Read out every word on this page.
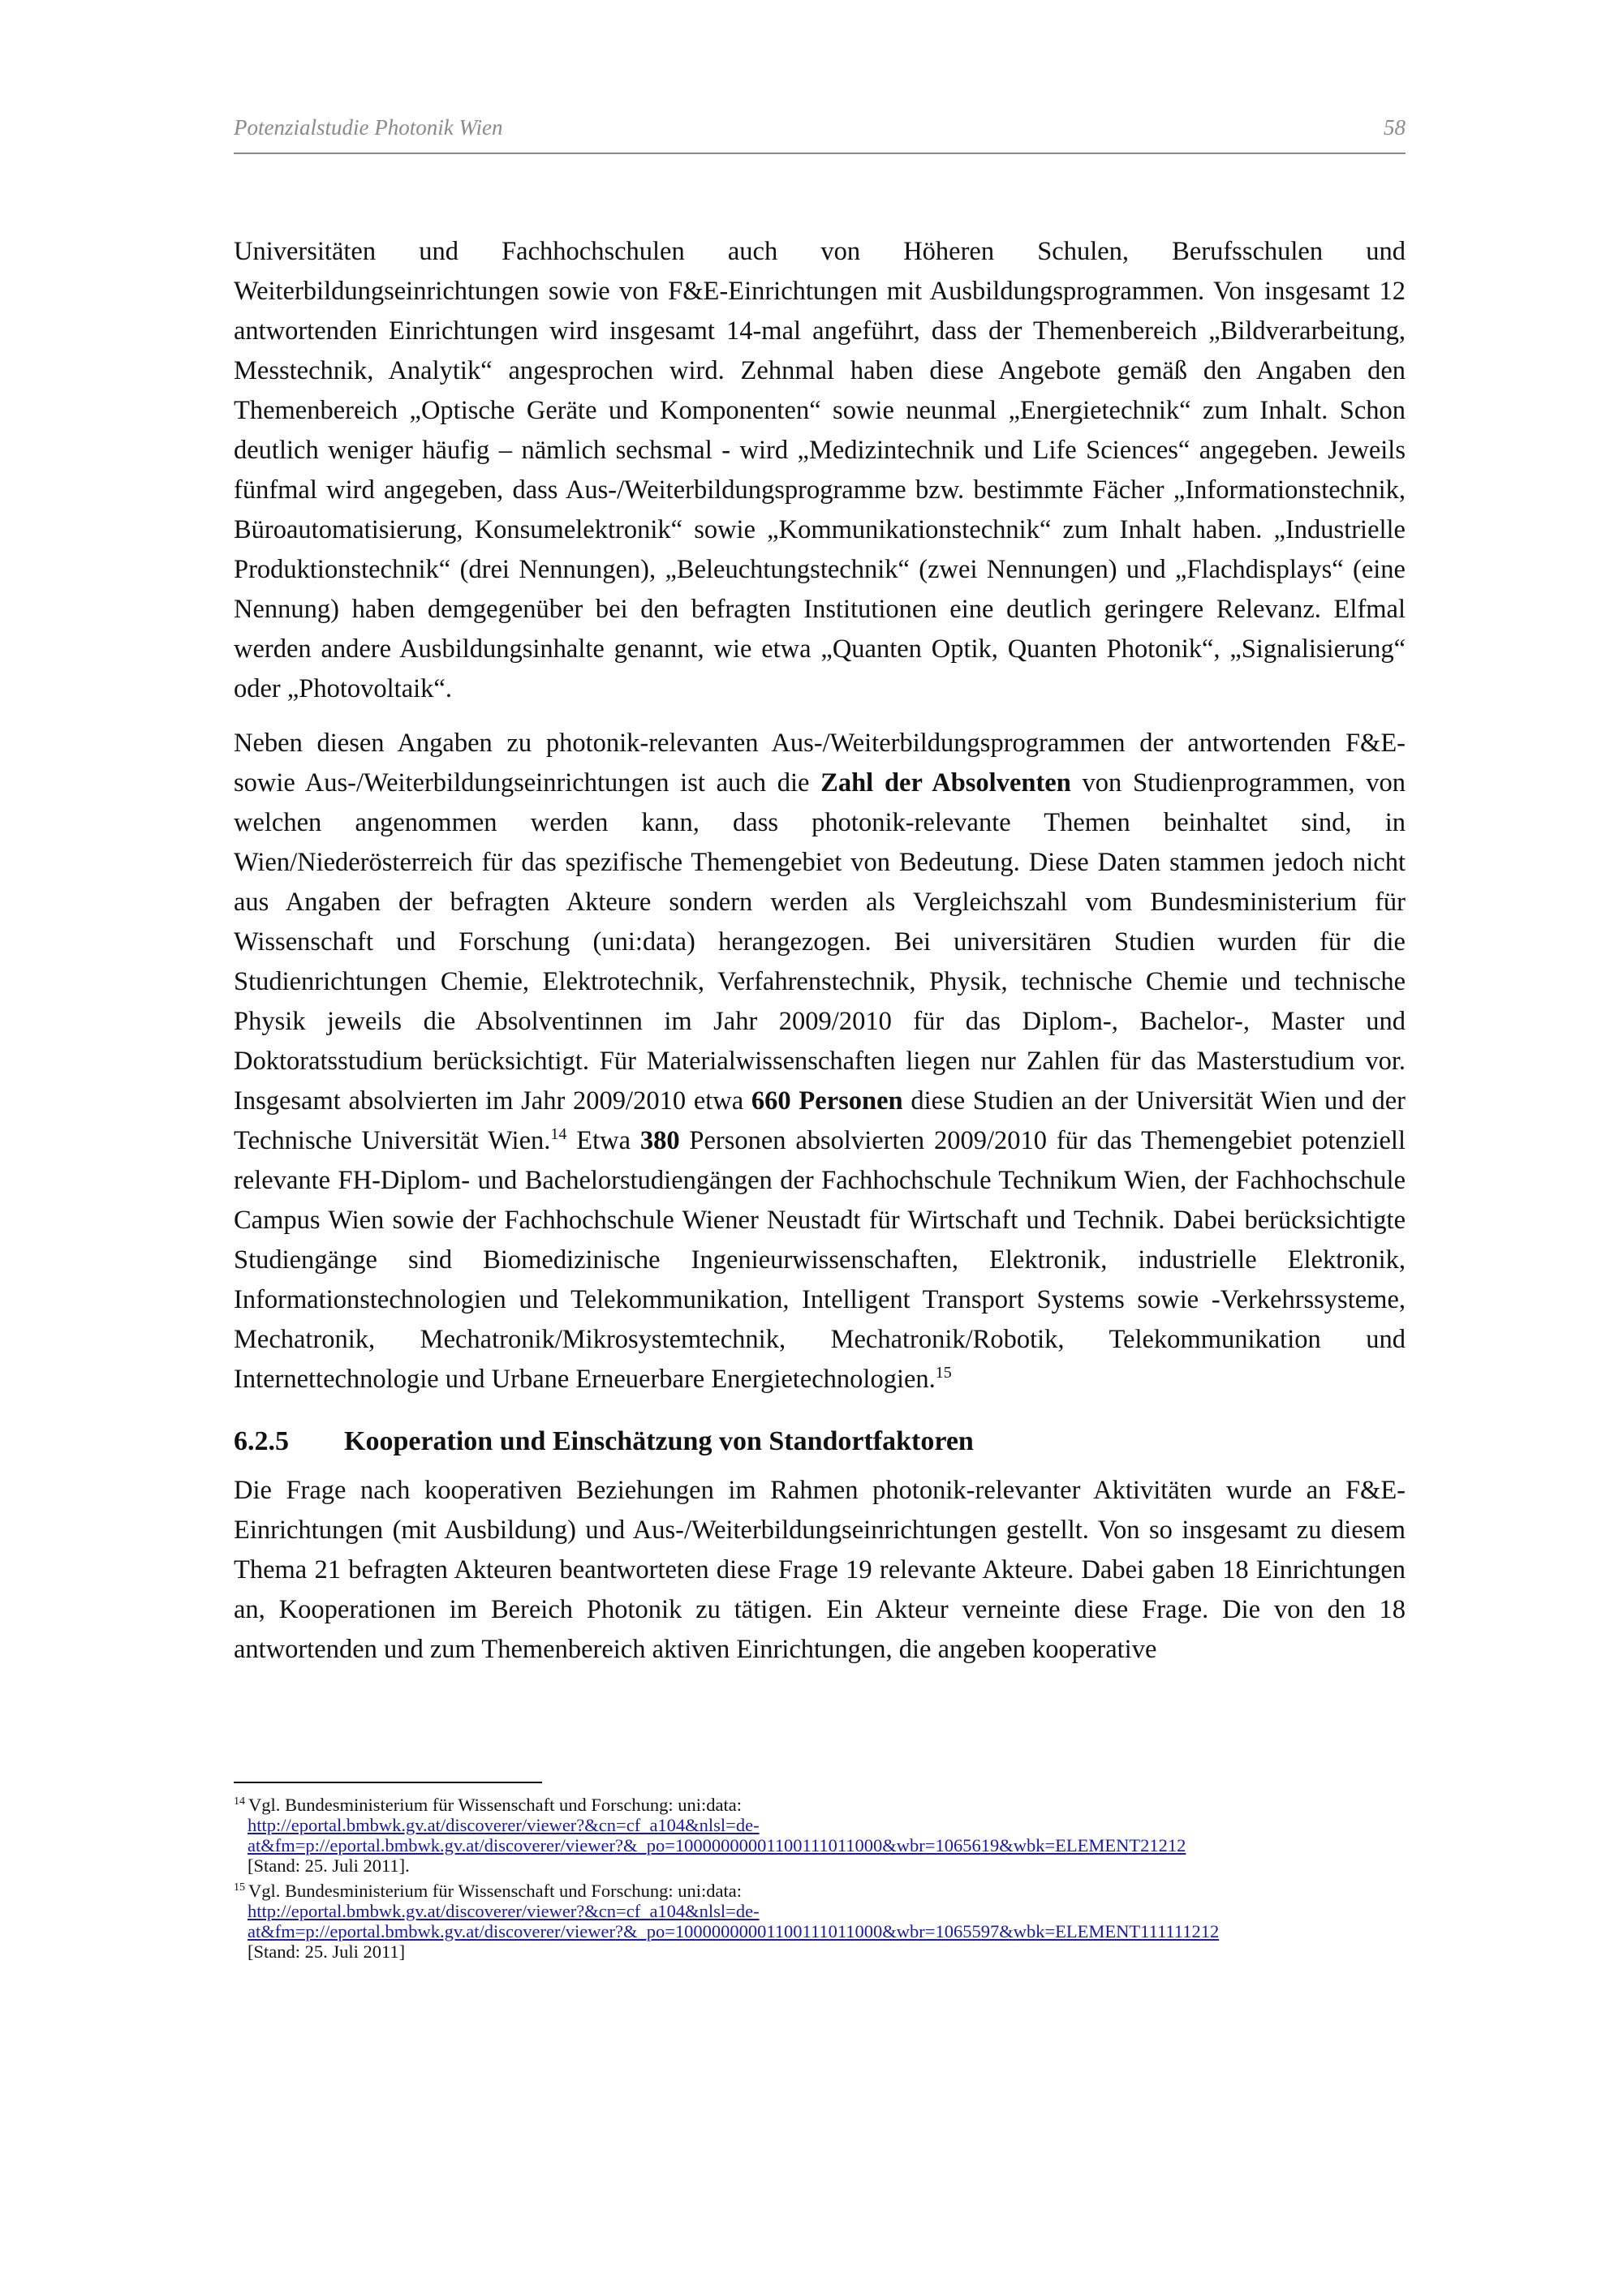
Potenzialstudie Photonik Wien	58

Universitäten und Fachhochschulen auch von Höheren Schulen, Berufsschulen und Weiterbildungseinrichtungen sowie von F&E-Einrichtungen mit Ausbildungsprogrammen. Von insgesamt 12 antwortenden Einrichtungen wird insgesamt 14-mal angeführt, dass der Themenbereich „Bildverarbeitung, Messtechnik, Analytik“ angesprochen wird. Zehnmal haben diese Angebote gemäß den Angaben den Themenbereich „Optische Geräte und Komponenten“ sowie neunmal „Energietechnik“ zum Inhalt. Schon deutlich weniger häufig – nämlich sechsmal - wird „Medizintechnik und Life Sciences“ angegeben. Jeweils fünfmal wird angegeben, dass Aus-/Weiterbildungsprogramme bzw. bestimmte Fächer „Informationstechnik, Büroautomatisierung, Konsumelektronik“ sowie „Kommunikationstechnik“ zum Inhalt haben. „Industrielle Produktionstechnik“ (drei Nennungen), „Beleuchtungstechnik“ (zwei Nennungen) und „Flachdisplays“ (eine Nennung) haben demgegenüber bei den befragten Institutionen eine deutlich geringere Relevanz. Elfmal werden andere Ausbildungsinhalte genannt, wie etwa „Quanten Optik, Quanten Photonik“, „Signalisierung“ oder „Photovoltaik“.

Neben diesen Angaben zu photonik-relevanten Aus-/Weiterbildungsprogrammen der antwortenden F&E- sowie Aus-/Weiterbildungseinrichtungen ist auch die Zahl der Absolventen von Studienprogrammen, von welchen angenommen werden kann, dass photonik-relevante Themen beinhaltet sind, in Wien/Niederösterreich für das spezifische Themengebiet von Bedeutung. Diese Daten stammen jedoch nicht aus Angaben der befragten Akteure sondern werden als Vergleichszahl vom Bundesministerium für Wissenschaft und Forschung (uni:data) herangezogen. Bei universitären Studien wurden für die Studienrichtungen Chemie, Elektrotechnik, Verfahrenstechnik, Physik, technische Chemie und technische Physik jeweils die Absolventinnen im Jahr 2009/2010 für das Diplom-, Bachelor-, Master und Doktoratsstudium berücksichtigt. Für Materialwissenschaften liegen nur Zahlen für das Masterstudium vor. Insgesamt absolvierten im Jahr 2009/2010 etwa 660 Personen diese Studien an der Universität Wien und der Technische Universität Wien.$^{14}$ Etwa 380 Personen absolvierten 2009/2010 für das Themengebiet potenziell relevante FH-Diplom- und Bachelorstudiengängen der Fachhochschule Technikum Wien, der Fachhochschule Campus Wien sowie der Fachhochschule Wiener Neustadt für Wirtschaft und Technik. Dabei berücksichtigte Studiengänge sind Biomedizinische Ingenieurwissenschaften, Elektronik, industrielle Elektronik, Informationstechnologien und Telekommunikation, Intelligent Transport Systems sowie -Verkehrssysteme, Mechatronik, Mechatronik/Mikrosystemtechnik, Mechatronik/Robotik, Telekommunikation und Internettechnologie und Urbane Erneuerbare Energietechnologien.$^{15}$

6.2.5 Kooperation und Einschätzung von Standortfaktoren

Die Frage nach kooperativen Beziehungen im Rahmen photonik-relevanter Aktivitäten wurde an F&E-Einrichtungen (mit Ausbildung) und Aus-/Weiterbildungseinrichtungen gestellt. Von so insgesamt zu diesem Thema 21 befragten Akteuren beantworteten diese Frage 19 relevante Akteure. Dabei gaben 18 Einrichtungen an, Kooperationen im Bereich Photonik zu tätigen. Ein Akteur verneinte diese Frage. Die von den 18 antwortenden und zum Themenbereich aktiven Einrichtungen, die angeben kooperative

$^{14}$ Vgl. Bundesministerium für Wissenschaft und Forschung: uni:data:
http://eportal.bmbwk.gv.at/discoverer/viewer?&cn=cf_a104&nlsl=de-
at&fm=p://eportal.bmbwk.gv.at/discoverer/viewer?&_po=10000000001100111011000&wbr=1065619&wbk=ELEMENT21212
[Stand: 25. Juli 2011].
$^{15}$ Vgl. Bundesministerium für Wissenschaft und Forschung: uni:data:
http://eportal.bmbwk.gv.at/discoverer/viewer?&cn=cf_a104&nlsl=de-
at&fm=p://eportal.bmbwk.gv.at/discoverer/viewer?&_po=10000000001100111011000&wbr=1065597&wbk=ELEMENT111111212
[Stand: 25. Juli 2011]
